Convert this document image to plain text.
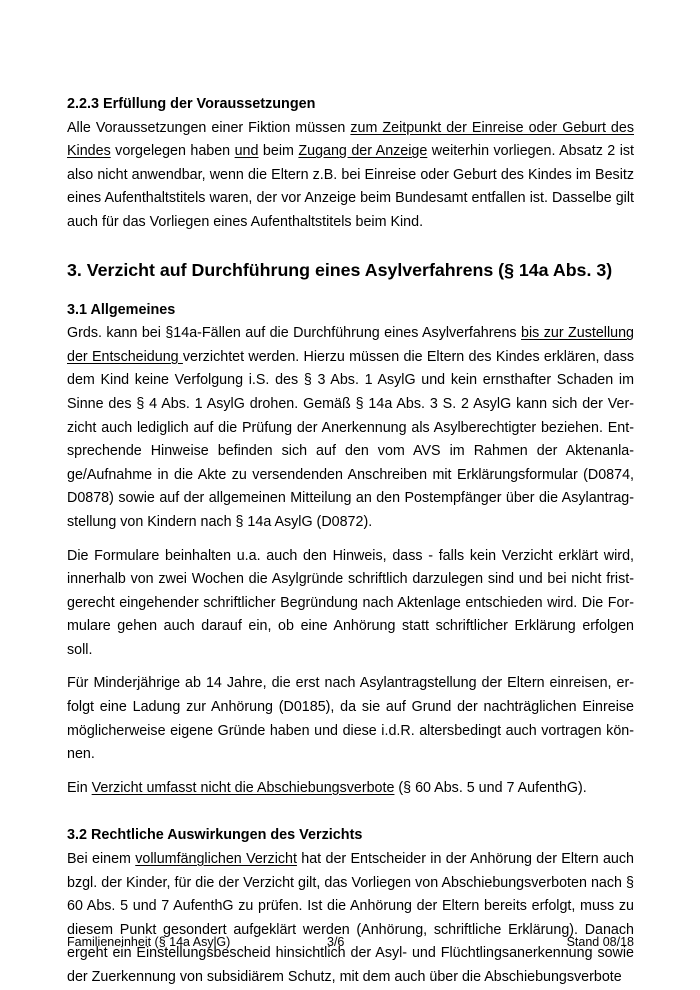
2.2.3 Erfüllung der Voraussetzungen

Alle Voraussetzungen einer Fiktion müssen zum Zeitpunkt der Einreise oder Geburt des Kindes vorgelegen haben und beim Zugang der Anzeige weiterhin vorliegen. Absatz 2 ist also nicht anwendbar, wenn die Eltern z.B. bei Einreise oder Geburt des Kindes im Besitz eines Aufenthaltstitels waren, der vor Anzeige beim Bundesamt entfallen ist. Dasselbe gilt auch für das Vorliegen eines Aufenthaltstitels beim Kind.

3. Verzicht auf Durchführung eines Asylverfahrens (§ 14a Abs. 3)
3.1 Allgemeines

Grds. kann bei §14a-Fällen auf die Durchführung eines Asylverfahrens bis zur Zustellung der Entscheidung verzichtet werden. Hierzu müssen die Eltern des Kindes erklären, dass dem Kind keine Verfolgung i.S. des § 3 Abs. 1 AsylG und kein ernsthafter Schaden im Sinne des § 4 Abs. 1 AsylG drohen. Gemäß § 14a Abs. 3 S. 2 AsylG kann sich der Verzicht auch lediglich auf die Prüfung der Anerkennung als Asylberechtigter beziehen. Entsprechende Hinweise befinden sich auf den vom AVS im Rahmen der Aktenanlage/Aufnahme in die Akte zu versendenden Anschreiben mit Erklärungsformular (D0874, D0878) sowie auf der allgemeinen Mitteilung an den Postempfänger über die Asylantragstellung von Kindern nach § 14a AsylG (D0872).

Die Formulare beinhalten u.a. auch den Hinweis, dass - falls kein Verzicht erklärt wird, innerhalb von zwei Wochen die Asylgründe schriftlich darzulegen sind und bei nicht fristgerecht eingehender schriftlicher Begründung nach Aktenlage entschieden wird. Die Formulare gehen auch darauf ein, ob eine Anhörung statt schriftlicher Erklärung erfolgen soll.

Für Minderjährige ab 14 Jahre, die erst nach Asylantragstellung der Eltern einreisen, erfolgt eine Ladung zur Anhörung (D0185), da sie auf Grund der nachträglichen Einreise möglicherweise eigene Gründe haben und diese i.d.R. altersbedingt auch vortragen können.

Ein Verzicht umfasst nicht die Abschiebungsverbote (§ 60 Abs. 5 und 7 AufenthG).

3.2 Rechtliche Auswirkungen des Verzichts

Bei einem vollumfänglichen Verzicht hat der Entscheider in der Anhörung der Eltern auch bzgl. der Kinder, für die der Verzicht gilt, das Vorliegen von Abschiebungsverboten nach § 60 Abs. 5 und 7 AufenthG zu prüfen. Ist die Anhörung der Eltern bereits erfolgt, muss zu diesem Punkt gesondert aufgeklärt werden (Anhörung, schriftliche Erklärung). Danach ergeht ein Einstellungsbescheid hinsichtlich der Asyl- und Flüchtlingsanerkennung sowie der Zuerkennung von subsidiärem Schutz, mit dem auch über die Abschiebungsverbote

Familieneinheit (§ 14a AsylG)	3/6	Stand 08/18
